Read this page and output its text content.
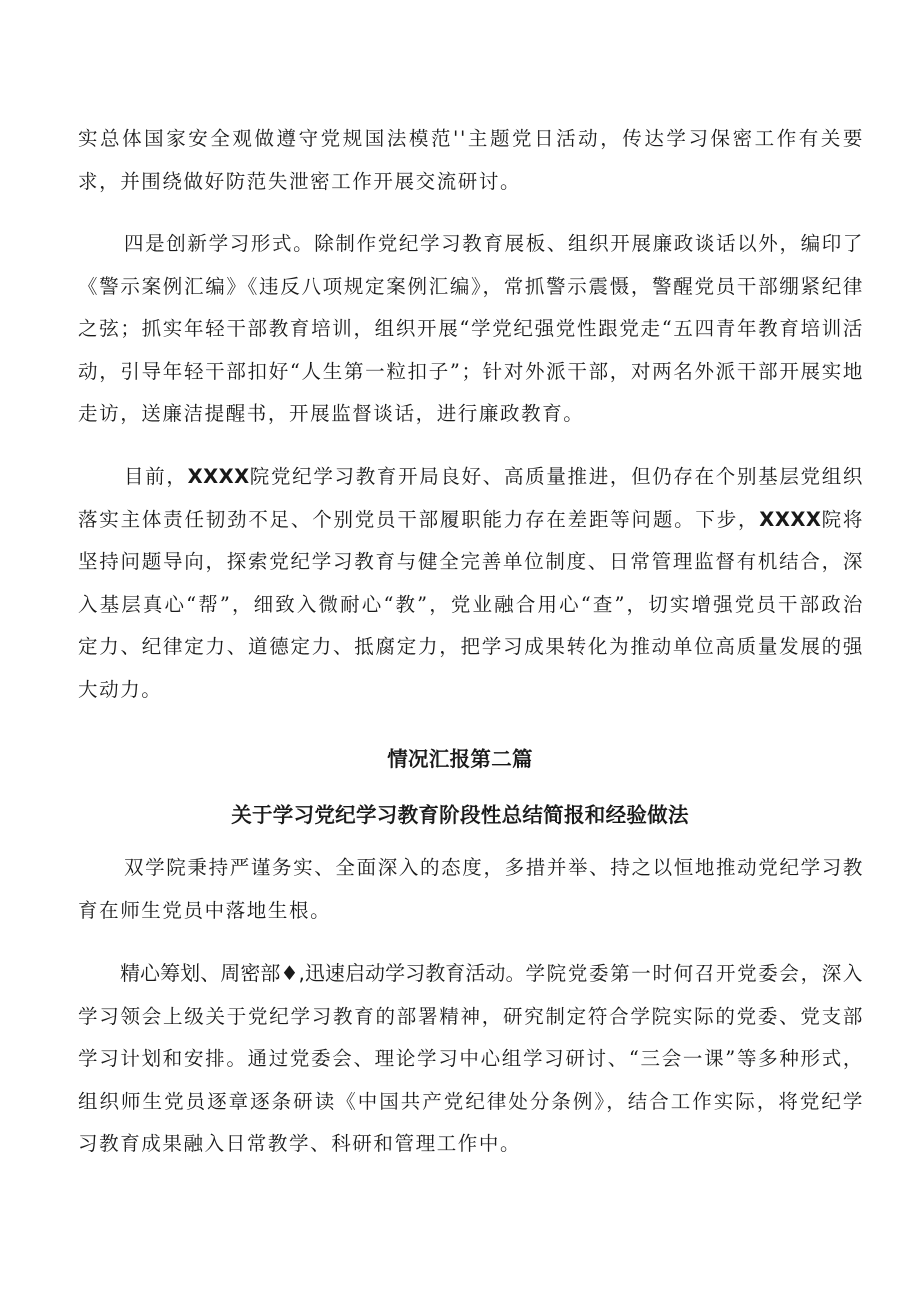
实总体国家安全观做遵守党规国法模范''主题党日活动，传达学习保密工作有关要求，并围绕做好防范失泄密工作开展交流研讨。

四是创新学习形式。除制作党纪学习教育展板、组织开展廉政谈话以外，编印了《警示案例汇编》《违反八项规定案例汇编》，常抓警示震慑，警醒党员干部绷紧纪律之弦；抓实年轻干部教育培训，组织开展“学党纪强党性跟党走“五四青年教育培训活动，引导年轻干部扣好“人生第一粒扣子”；针对外派干部，对两名外派干部开展实地走访，送廉洁提醒书，开展监督谈话，进行廉政教育。

目前，XXXX院党纪学习教育开局良好、高质量推进，但仍存在个别基层党组织落实主体责任韧劲不足、个别党员干部履职能力存在差距等问题。下步，XXXX院将坚持问题导向，探索党纪学习教育与健全完善单位制度、日常管理监督有机结合，深入基层真心“帮”，细致入微耐心“教”，党业融合用心“查”，切实增强党员干部政治定力、纪律定力、道德定力、抵腐定力，把学习成果转化为推动单位高质量发展的强大动力。

情况汇报第二篇
关于学习党纪学习教育阶段性总结简报和经验做法

双学院秉持严谨务实、全面深入的态度，多措并举、持之以恒地推动党纪学习教育在师生党员中落地生根。

精心筹划、周密部♦,迅速启动学习教育活动。学院党委第一时何召开党委会，深入学习领会上级关于党纪学习教育的部署精神，研究制定符合学院实际的党委、党支部学习计划和安排。通过党委会、理论学习中心组学习研讨、“三会一课”等多种形式，组织师生党员逐章逐条研读《中国共产党纪律处分条例》，结合工作实际，将党纪学习教育成果融入日常教学、科研和管理工作中。
